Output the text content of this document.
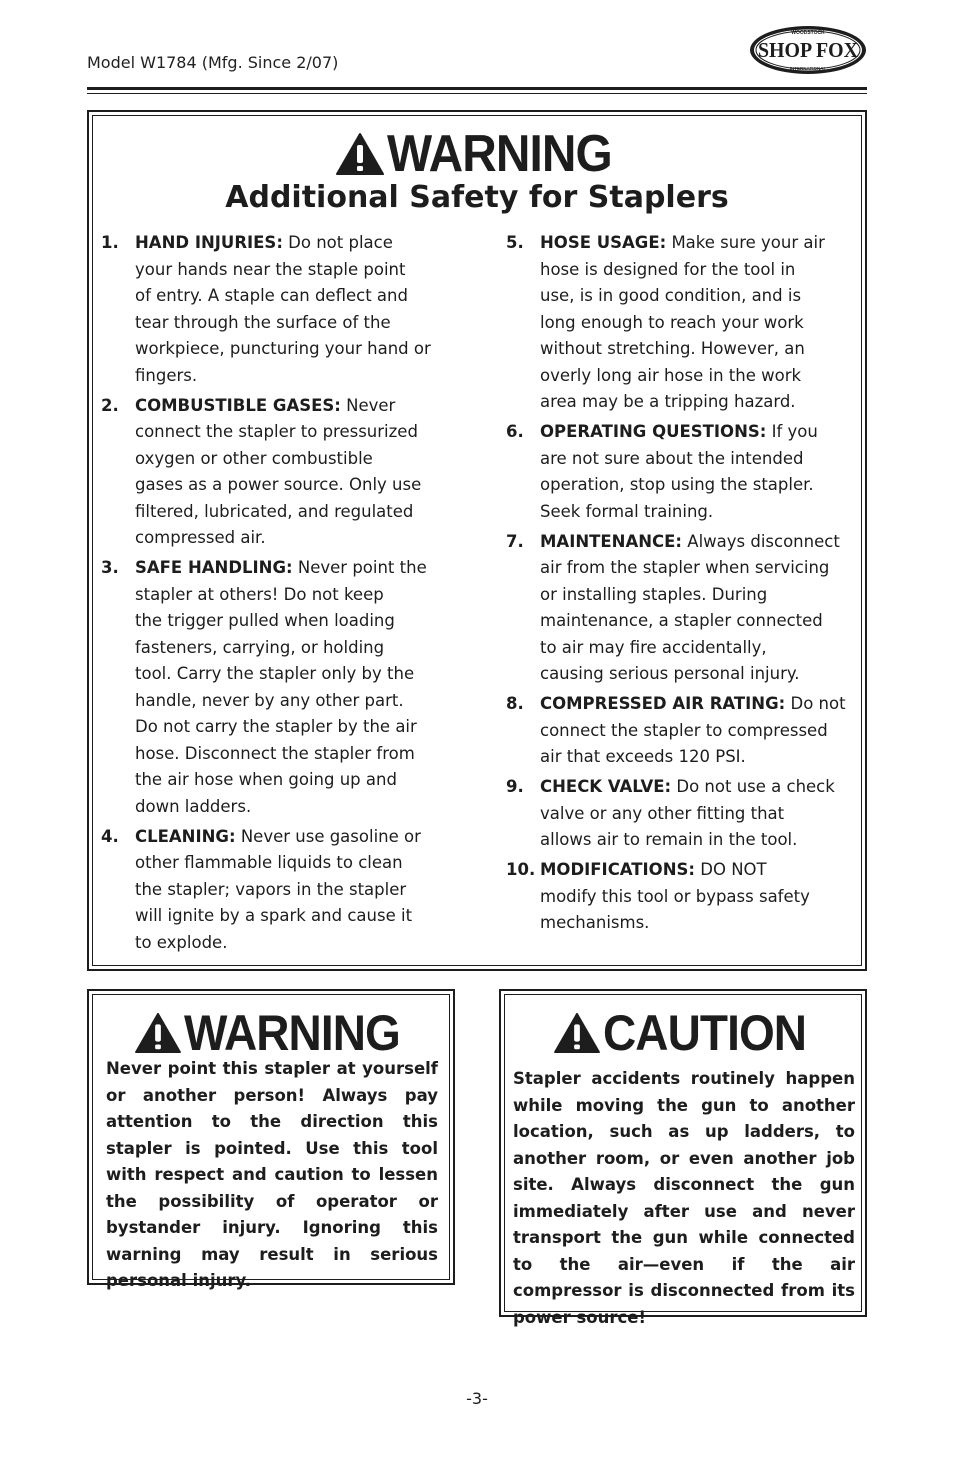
Model W1784 (Mfg. Since 2/07)
WOODSTOCK
SHOP FOX
INTERNATIONAL
WARNING
Additional Safety for Staplers
1. HAND INJURIES: Do not place
your hands near the staple point
of entry. A staple can deflect and
tear through the surface of the
workpiece, puncturing your hand or
fingers.
2. COMBUSTIBLE GASES: Never
connect the stapler to pressurized
oxygen or other combustible
gases as a power source. Only use
filtered, lubricated, and regulated
compressed air.
3. SAFE HANDLING: Never point the
stapler at others! Do not keep
the trigger pulled when loading
fasteners, carrying, or holding
tool. Carry the stapler only by the
handle, never by any other part.
Do not carry the stapler by the air
hose. Disconnect the stapler from
the air hose when going up and
down ladders.
4. CLEANING: Never use gasoline or
other flammable liquids to clean
the stapler; vapors in the stapler
will ignite by a spark and cause it
to explode.
5. HOSE USAGE: Make sure your air
hose is designed for the tool in
use, is in good condition, and is
long enough to reach your work
without stretching. However, an
overly long air hose in the work
area may be a tripping hazard.
6. OPERATING QUESTIONS: If you
are not sure about the intended
operation, stop using the stapler.
Seek formal training.
7. MAINTENANCE: Always disconnect
air from the stapler when servicing
or installing staples. During
maintenance, a stapler connected
to air may fire accidentally,
causing serious personal injury.
8. COMPRESSED AIR RATING: Do not
connect the stapler to compressed
air that exceeds 120 PSI.
9. CHECK VALVE: Do not use a check
valve or any other fitting that
allows air to remain in the tool.
10. MODIFICATIONS: DO NOT
modify this tool or bypass safety
mechanisms.
WARNING
Never point this stapler at yourself or another person! Always pay attention to the direction this stapler is pointed. Use this tool with respect and caution to lessen the possibility of operator or bystander injury. Ignoring this warning may result in serious personal injury.
CAUTION
Stapler accidents routinely happen while moving the gun to another location, such as up ladders, to another room, or even another job site. Always disconnect the gun immediately after use and never transport the gun while connected to the air—even if the air compressor is disconnected from its power source!
-3-
